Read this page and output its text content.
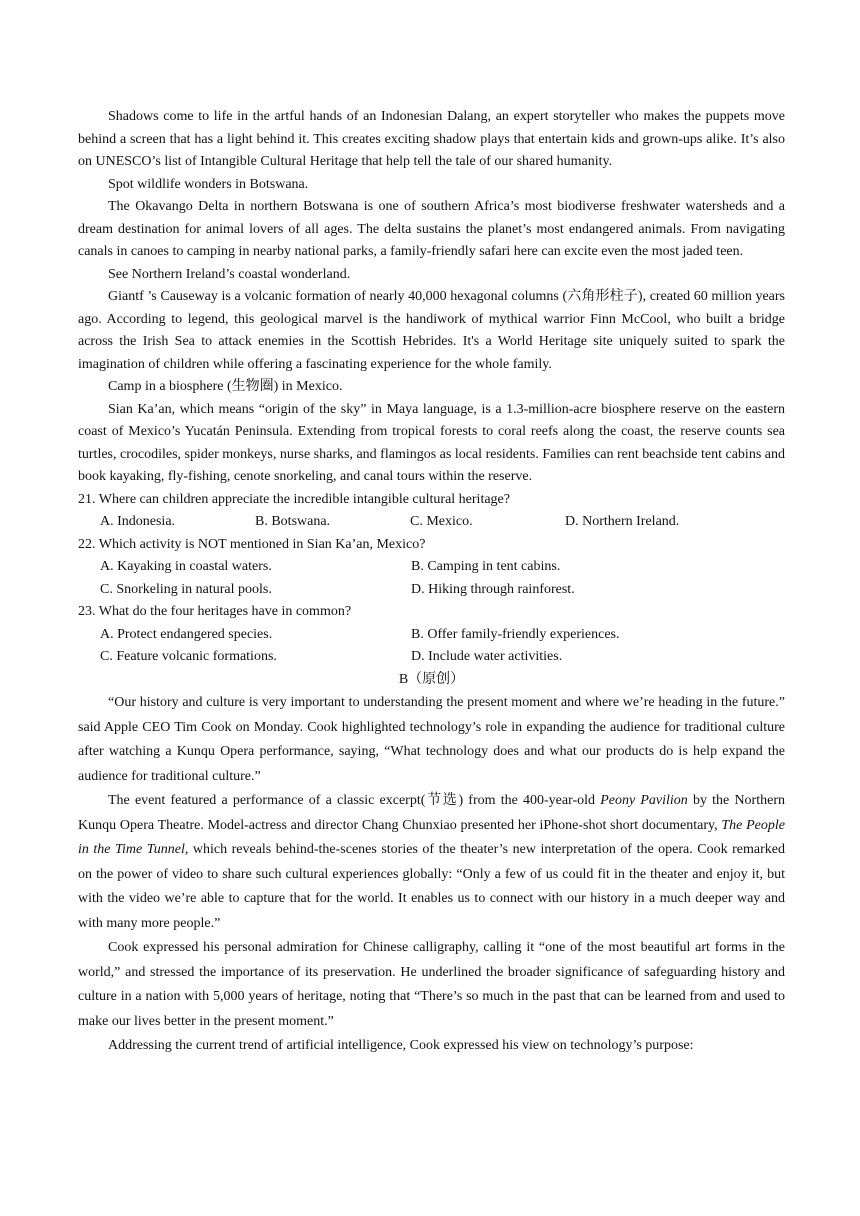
Shadows come to life in the artful hands of an Indonesian Dalang, an expert storyteller who makes the puppets move behind a screen that has a light behind it. This creates exciting shadow plays that entertain kids and grown-ups alike. It’s also on UNESCO’s list of Intangible Cultural Heritage that help tell the tale of our shared humanity.

Spot wildlife wonders in Botswana.

The Okavango Delta in northern Botswana is one of southern Africa’s most biodiverse freshwater watersheds and a dream destination for animal lovers of all ages. The delta sustains the planet’s most endangered animals. From navigating canals in canoes to camping in nearby national parks, a family-friendly safari here can excite even the most jaded teen.

See Northern Ireland’s coastal wonderland.

Giantf ’s Causeway is a volcanic formation of nearly 40,000 hexagonal columns (六角形柱子), created 60 million years ago. According to legend, this geological marvel is the handiwork of mythical warrior Finn McCool, who built a bridge across the Irish Sea to attack enemies in the Scottish Hebrides. It's a World Heritage site uniquely suited to spark the imagination of children while offering a fascinating experience for the whole family.

Camp in a biosphere (生物圈) in Mexico.

Sian Ka’an, which means “origin of the sky” in Maya language, is a 1.3-million-acre biosphere reserve on the eastern coast of Mexico’s Yucatán Peninsula. Extending from tropical forests to coral reefs along the coast, the reserve counts sea turtles, crocodiles, spider monkeys, nurse sharks, and flamingos as local residents. Families can rent beachside tent cabins and book kayaking, fly-fishing, cenote snorkeling, and canal tours within the reserve.

21. Where can children appreciate the incredible intangible cultural heritage?

A. Indonesia.	B. Botswana.	C. Mexico.	D. Northern Ireland.

22. Which activity is NOT mentioned in Sian Ka’an, Mexico?

A. Kayaking in coastal waters.	B. Camping in tent cabins.
C. Snorkeling in natural pools.	D. Hiking through rainforest.

23. What do the four heritages have in common?

A. Protect endangered species.	B. Offer family-friendly experiences.
C. Feature volcanic formations.	D. Include water activities.

B（原创）

“Our history and culture is very important to understanding the present moment and where we’re heading in the future.” said Apple CEO Tim Cook on Monday. Cook highlighted technology’s role in expanding the audience for traditional culture after watching a Kunqu Opera performance, saying, “What technology does and what our products do is help expand the audience for traditional culture.”

The event featured a performance of a classic excerpt(节选) from the 400-year-old Peony Pavilion by the Northern Kunqu Opera Theatre. Model-actress and director Chang Chunxiao presented her iPhone-shot short documentary, The People in the Time Tunnel, which reveals behind-the-scenes stories of the theater’s new interpretation of the opera. Cook remarked on the power of video to share such cultural experiences globally: “Only a few of us could fit in the theater and enjoy it, but with the video we’re able to capture that for the world. It enables us to connect with our history in a much deeper way and with many more people.”

Cook expressed his personal admiration for Chinese calligraphy, calling it “one of the most beautiful art forms in the world,” and stressed the importance of its preservation. He underlined the broader significance of safeguarding history and culture in a nation with 5,000 years of heritage, noting that “There’s so much in the past that can be learned from and used to make our lives better in the present moment.”

Addressing the current trend of artificial intelligence, Cook expressed his view on technology’s purpose:
